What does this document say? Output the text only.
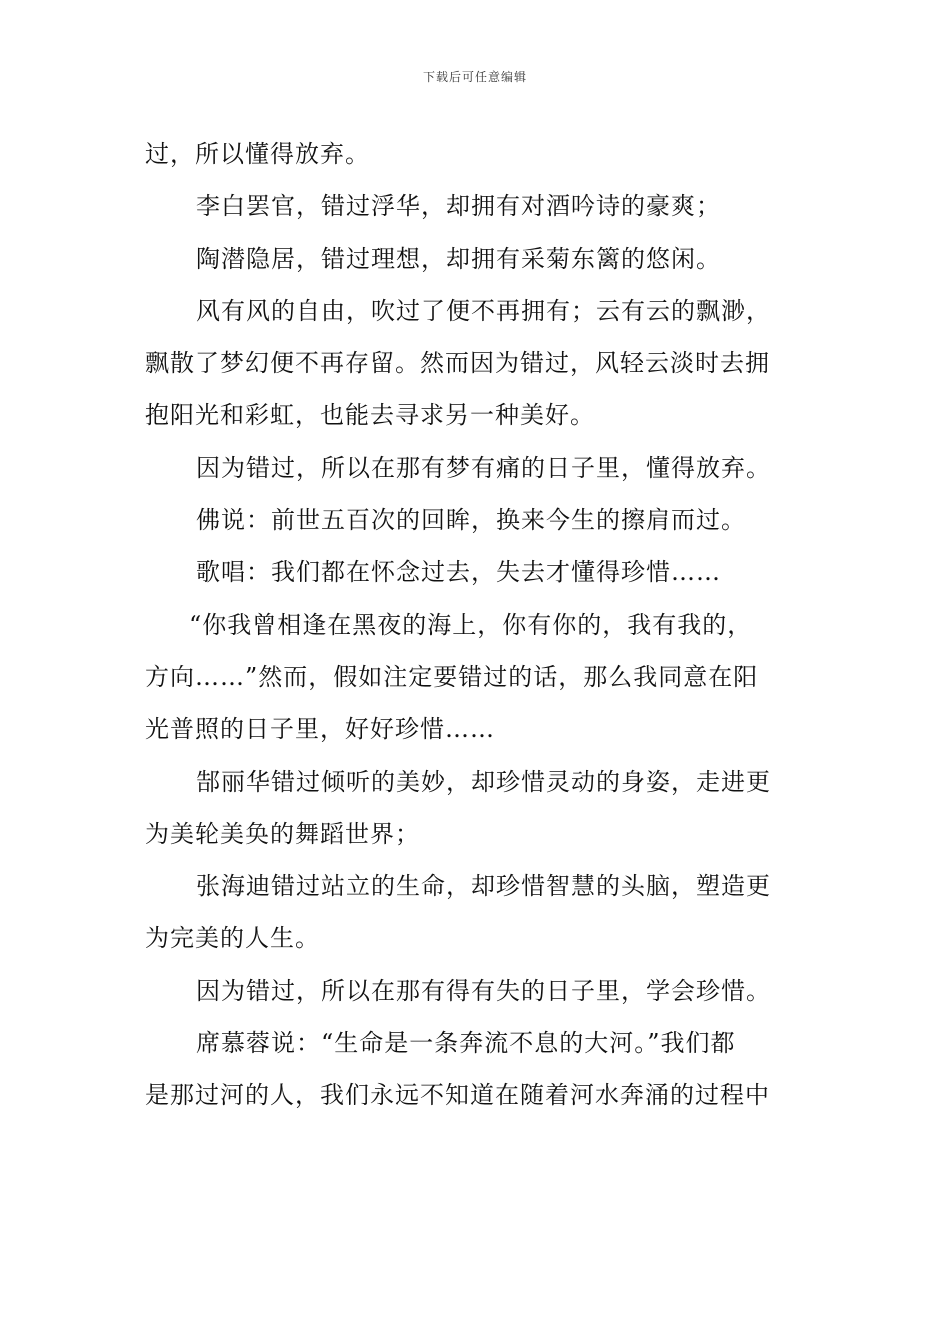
下载后可任意编辑
过，所以懂得放弃。
李白罢官，错过浮华，却拥有对酒吟诗的豪爽；
陶潜隐居，错过理想，却拥有采菊东篱的悠闲。
风有风的自由，吹过了便不再拥有；云有云的飘渺，
飘散了梦幻便不再存留。然而因为错过，风轻云淡时去拥
抱阳光和彩虹，也能去寻求另一种美好。
因为错过，所以在那有梦有痛的日子里，懂得放弃。
佛说：前世五百次的回眸，换来今生的擦肩而过。
歌唱：我们都在怀念过去，失去才懂得珍惜……
“你我曾相逢在黑夜的海上，你有你的，我有我的，
方向……”然而，假如注定要错过的话，那么我同意在阳
光普照的日子里，好好珍惜……
郜丽华错过倾听的美妙，却珍惜灵动的身姿，走进更
为美轮美奂的舞蹈世界；
张海迪错过站立的生命，却珍惜智慧的头脑，塑造更
为完美的人生。
因为错过，所以在那有得有失的日子里，学会珍惜。
席慕蓉说：“生命是一条奔流不息的大河。”我们都
是那过河的人，我们永远不知道在随着河水奔涌的过程中
